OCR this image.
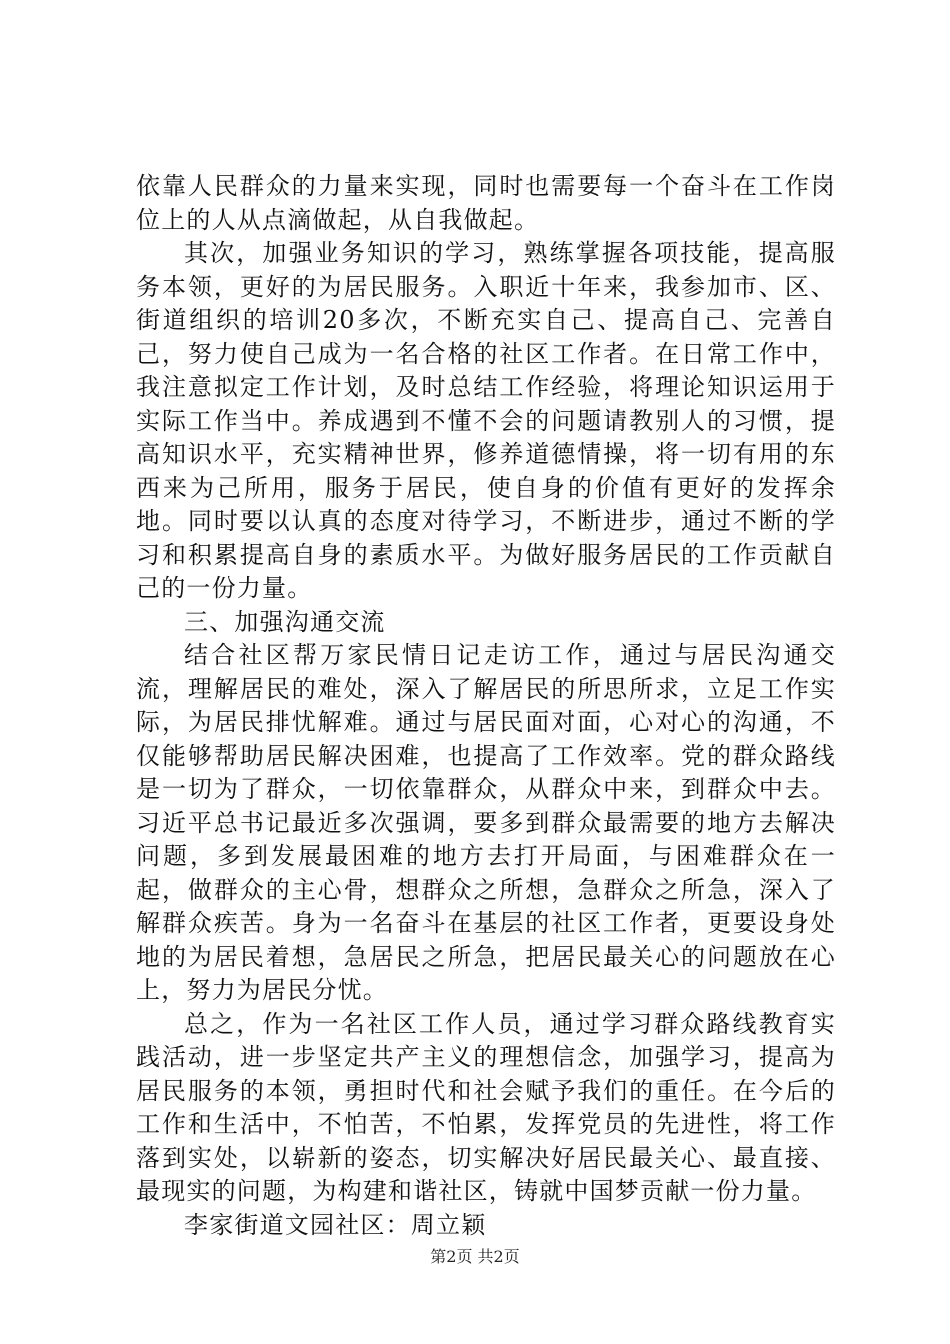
依靠人民群众的力量来实现，同时也需要每一个奋斗在工作岗位上的人从点滴做起，从自我做起。

其次，加强业务知识的学习，熟练掌握各项技能，提高服务本领，更好的为居民服务。入职近十年来，我参加市、区、街道组织的培训20多次，不断充实自己、提高自己、完善自己，努力使自己成为一名合格的社区工作者。在日常工作中，我注意拟定工作计划，及时总结工作经验，将理论知识运用于实际工作当中。养成遇到不懂不会的问题请教别人的习惯，提高知识水平，充实精神世界，修养道德情操，将一切有用的东西来为己所用，服务于居民，使自身的价值有更好的发挥余地。同时要以认真的态度对待学习，不断进步，通过不断的学习和积累提高自身的素质水平。为做好服务居民的工作贡献自己的一份力量。

三、加强沟通交流

结合社区帮万家民情日记走访工作，通过与居民沟通交流，理解居民的难处，深入了解居民的所思所求，立足工作实际，为居民排忧解难。通过与居民面对面，心对心的沟通，不仅能够帮助居民解决困难，也提高了工作效率。党的群众路线是一切为了群众，一切依靠群众，从群众中来，到群众中去。习近平总书记最近多次强调，要多到群众最需要的地方去解决问题，多到发展最困难的地方去打开局面，与困难群众在一起，做群众的主心骨，想群众之所想，急群众之所急，深入了解群众疾苦。身为一名奋斗在基层的社区工作者，更要设身处地的为居民着想，急居民之所急，把居民最关心的问题放在心上，努力为居民分忧。

总之，作为一名社区工作人员，通过学习群众路线教育实践活动，进一步坚定共产主义的理想信念，加强学习，提高为居民服务的本领，勇担时代和社会赋予我们的重任。在今后的工作和生活中，不怕苦，不怕累，发挥党员的先进性，将工作落到实处，以崭新的姿态，切实解决好居民最关心、最直接、最现实的问题，为构建和谐社区，铸就中国梦贡献一份力量。

李家街道文园社区：周立颖

第2页 共2页
